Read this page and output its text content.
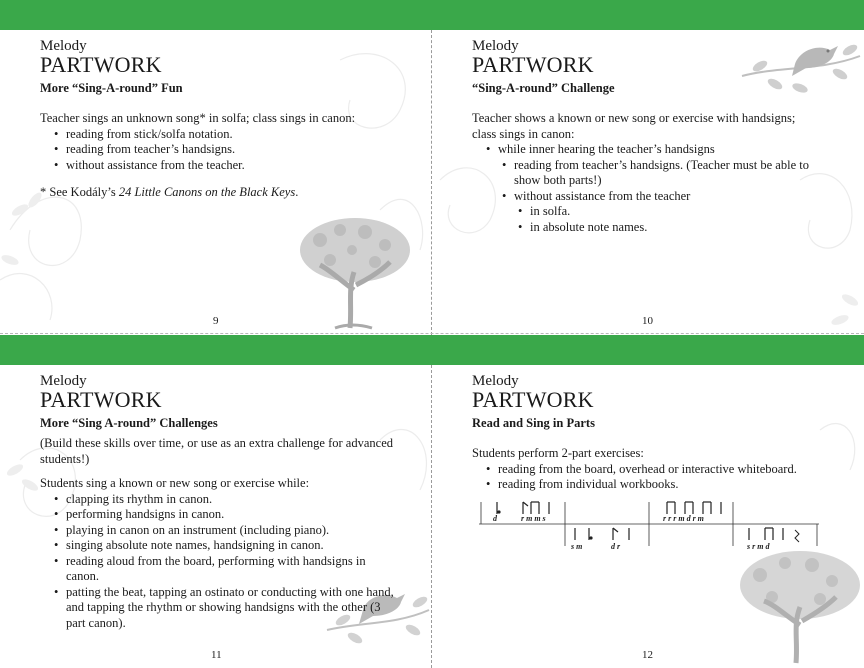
Melody
PARTWORK
More “Sing-A-round” Fun
Teacher sings an unknown song* in solfa; class sings in canon:
• reading from stick/solfa notation.
• reading from teacher’s handsigns.
• without assistance from the teacher.
* See Kodály’s 24 Little Canons on the Black Keys.
9
Melody
PARTWORK
“Sing-A-round” Challenge
Teacher shows a known or new song or exercise with handsigns; class sings in canon:
• while inner hearing the teacher’s handsigns
• reading from teacher’s handsigns. (Teacher must be able to show both parts!)
• without assistance from the teacher
• in solfa.
• in absolute note names.
10
Melody
PARTWORK
More “Sing A-round” Challenges
(Build these skills over time, or use as an extra challenge for advanced students!)
Students sing a known or new song or exercise while:
• clapping its rhythm in canon.
• performing handsigns in canon.
• playing in canon on an instrument (including piano).
• singing absolute note names, handsigning in canon.
• reading aloud from the board, performing with handsigns in canon.
• patting the beat, tapping an ostinato or conducting with one hand, and tapping the rhythm or showing handsigns with the other (3 part canon).
11
Melody
PARTWORK
Read and Sing in Parts
Students perform 2-part exercises:
• reading from the board, overhead or interactive whiteboard.
• reading from individual workbooks.
d	r m m s	r r r m d r m
s m	d r	s r m d
12
